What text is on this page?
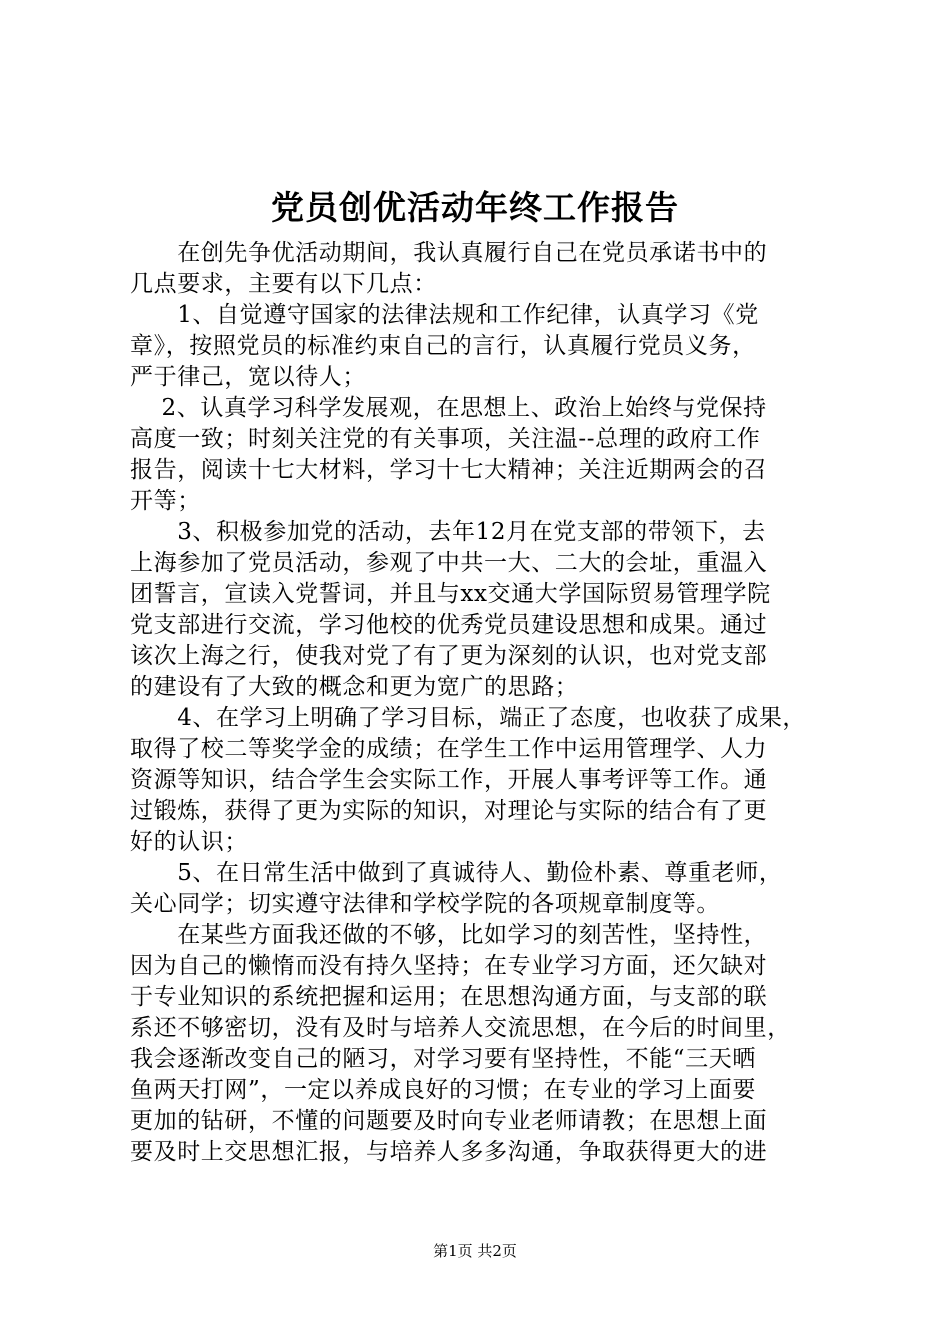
党员创优活动年终工作报告
　　在创先争优活动期间，我认真履行自己在党员承诺书中的
几点要求，主要有以下几点：
　　1、自觉遵守国家的法律法规和工作纪律，认真学习《党
章》，按照党员的标准约束自己的言行，认真履行党员义务，
严于律己，宽以待人；
　 2、认真学习科学发展观，在思想上、政治上始终与党保持
高度一致；时刻关注党的有关事项，关注温--总理的政府工作
报告，阅读十七大材料，学习十七大精神；关注近期两会的召
开等；
　　3、积极参加党的活动，去年12月在党支部的带领下，去
上海参加了党员活动，参观了中共一大、二大的会址，重温入
团誓言，宣读入党誓词，并且与xx交通大学国际贸易管理学院
党支部进行交流，学习他校的优秀党员建设思想和成果。通过
该次上海之行，使我对党了有了更为深刻的认识，也对党支部
的建设有了大致的概念和更为宽广的思路；
　　4、在学习上明确了学习目标，端正了态度，也收获了成果，
取得了校二等奖学金的成绩；在学生工作中运用管理学、人力
资源等知识，结合学生会实际工作，开展人事考评等工作。通
过锻炼，获得了更为实际的知识，对理论与实际的结合有了更
好的认识；
　　5、在日常生活中做到了真诚待人、勤俭朴素、尊重老师，
关心同学；切实遵守法律和学校学院的各项规章制度等。
　　在某些方面我还做的不够，比如学习的刻苦性，坚持性，
因为自己的懒惰而没有持久坚持；在专业学习方面，还欠缺对
于专业知识的系统把握和运用；在思想沟通方面，与支部的联
系还不够密切，没有及时与培养人交流思想，在今后的时间里，
我会逐渐改变自己的陋习，对学习要有坚持性，不能“三天晒
鱼两天打网”，一定以养成良好的习惯；在专业的学习上面要
更加的钻研，不懂的问题要及时向专业老师请教；在思想上面
要及时上交思想汇报，与培养人多多沟通，争取获得更大的进
第1页 共2页
